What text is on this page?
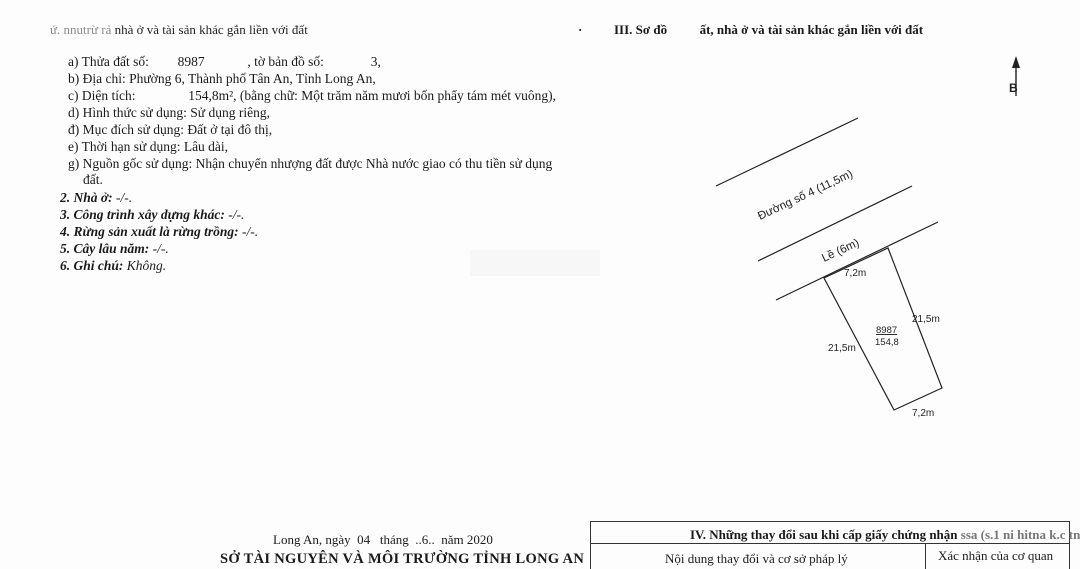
ứ. nnutrừ rả nhà ở và tài sản khác gắn liền với đất
a) Thửa đất số: 8987	, tờ bản đồ số:	3,
b) Địa chỉ: Phường 6, Thành phố Tân An, Tỉnh Long An,
c) Diện tích:	154,8m², (bằng chữ: Một trăm năm mươi bốn phẩy tám mét vuông),
d) Hình thức sử dụng: Sử dụng riêng,
đ) Mục đích sử dụng: Đất ở tại đô thị,
e) Thời hạn sử dụng: Lâu dài,
g) Nguồn gốc sử dụng: Nhận chuyển nhượng đất được Nhà nước giao có thu tiền sử dụng
đất.
2. Nhà ở: -/-.
3. Công trình xây dựng khác: -/-.
4. Rừng sản xuất là rừng trồng: -/-.
5. Cây lâu năm: -/-.
6. Ghi chú: Không.
· III. Sơ đồ          ất, nhà ở và tài sản khác gắn liền với đất
B
Đường số 4 (11,5m)
Lề (6m)
7,2m
21,5m
21,5m
7,2m
8987
154,8
Long An, ngày  04   tháng  ..6..  năm 2020
SỞ TÀI NGUYÊN VÀ MÔI TRƯỜNG TỈNH LONG AN
IV. Những thay đổi sau khi cấp giấy chứng nhận ssa (s.1 ni hitna k.c tn
Nội dung thay đổi và cơ sở pháp lý	Xác nhận của cơ quan
